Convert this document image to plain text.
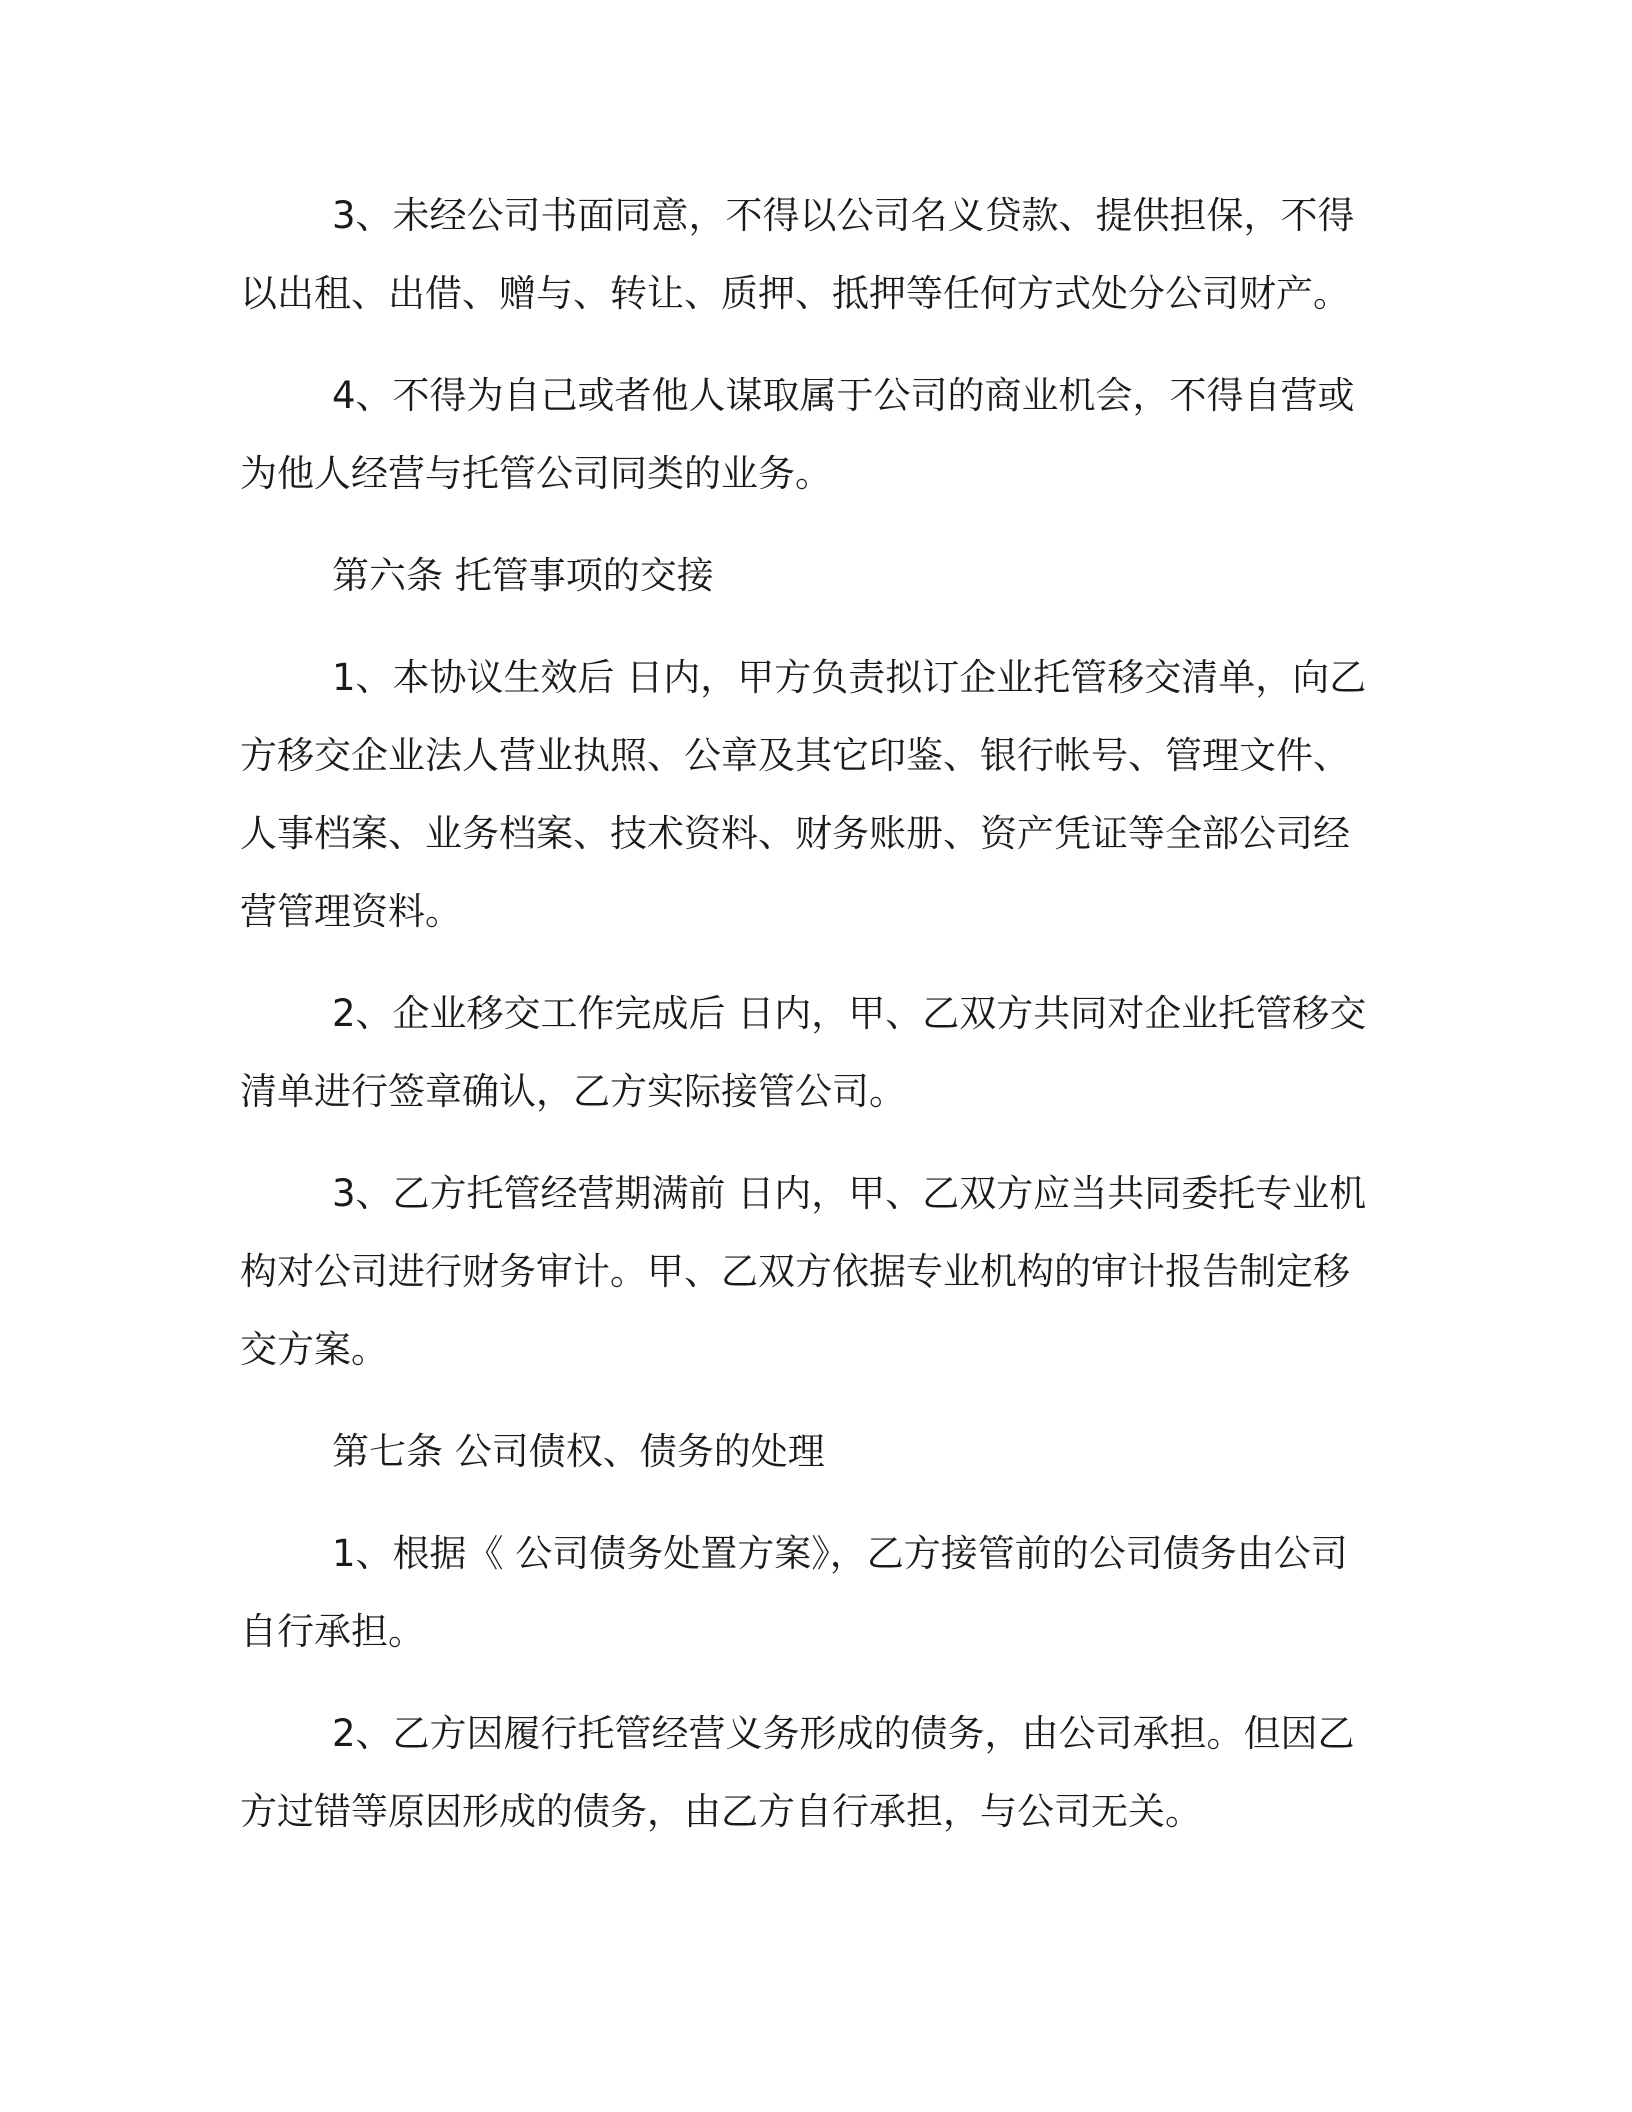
3、未经公司书面同意，不得以公司名义贷款、提供担保，不得
以出租、出借、赠与、转让、质押、抵押等任何方式处分公司财产。
4、不得为自己或者他人谋取属于公司的商业机会，不得自营或
为他人经营与托管公司同类的业务。
第六条 托管事项的交接
1、本协议生效后 日内，甲方负责拟订企业托管移交清单，向乙
方移交企业法人营业执照、公章及其它印鉴、银行帐号、管理文件、
人事档案、业务档案、技术资料、财务账册、资产凭证等全部公司经
营管理资料。
2、企业移交工作完成后 日内，甲、乙双方共同对企业托管移交
清单进行签章确认，乙方实际接管公司。
3、乙方托管经营期满前 日内，甲、乙双方应当共同委托专业机
构对公司进行财务审计。甲、乙双方依据专业机构的审计报告制定移
交方案。
第七条 公司债权、债务的处理
1、根据《 公司债务处置方案》，乙方接管前的公司债务由公司
自行承担。
2、乙方因履行托管经营义务形成的债务，由公司承担。但因乙
方过错等原因形成的债务，由乙方自行承担，与公司无关。
